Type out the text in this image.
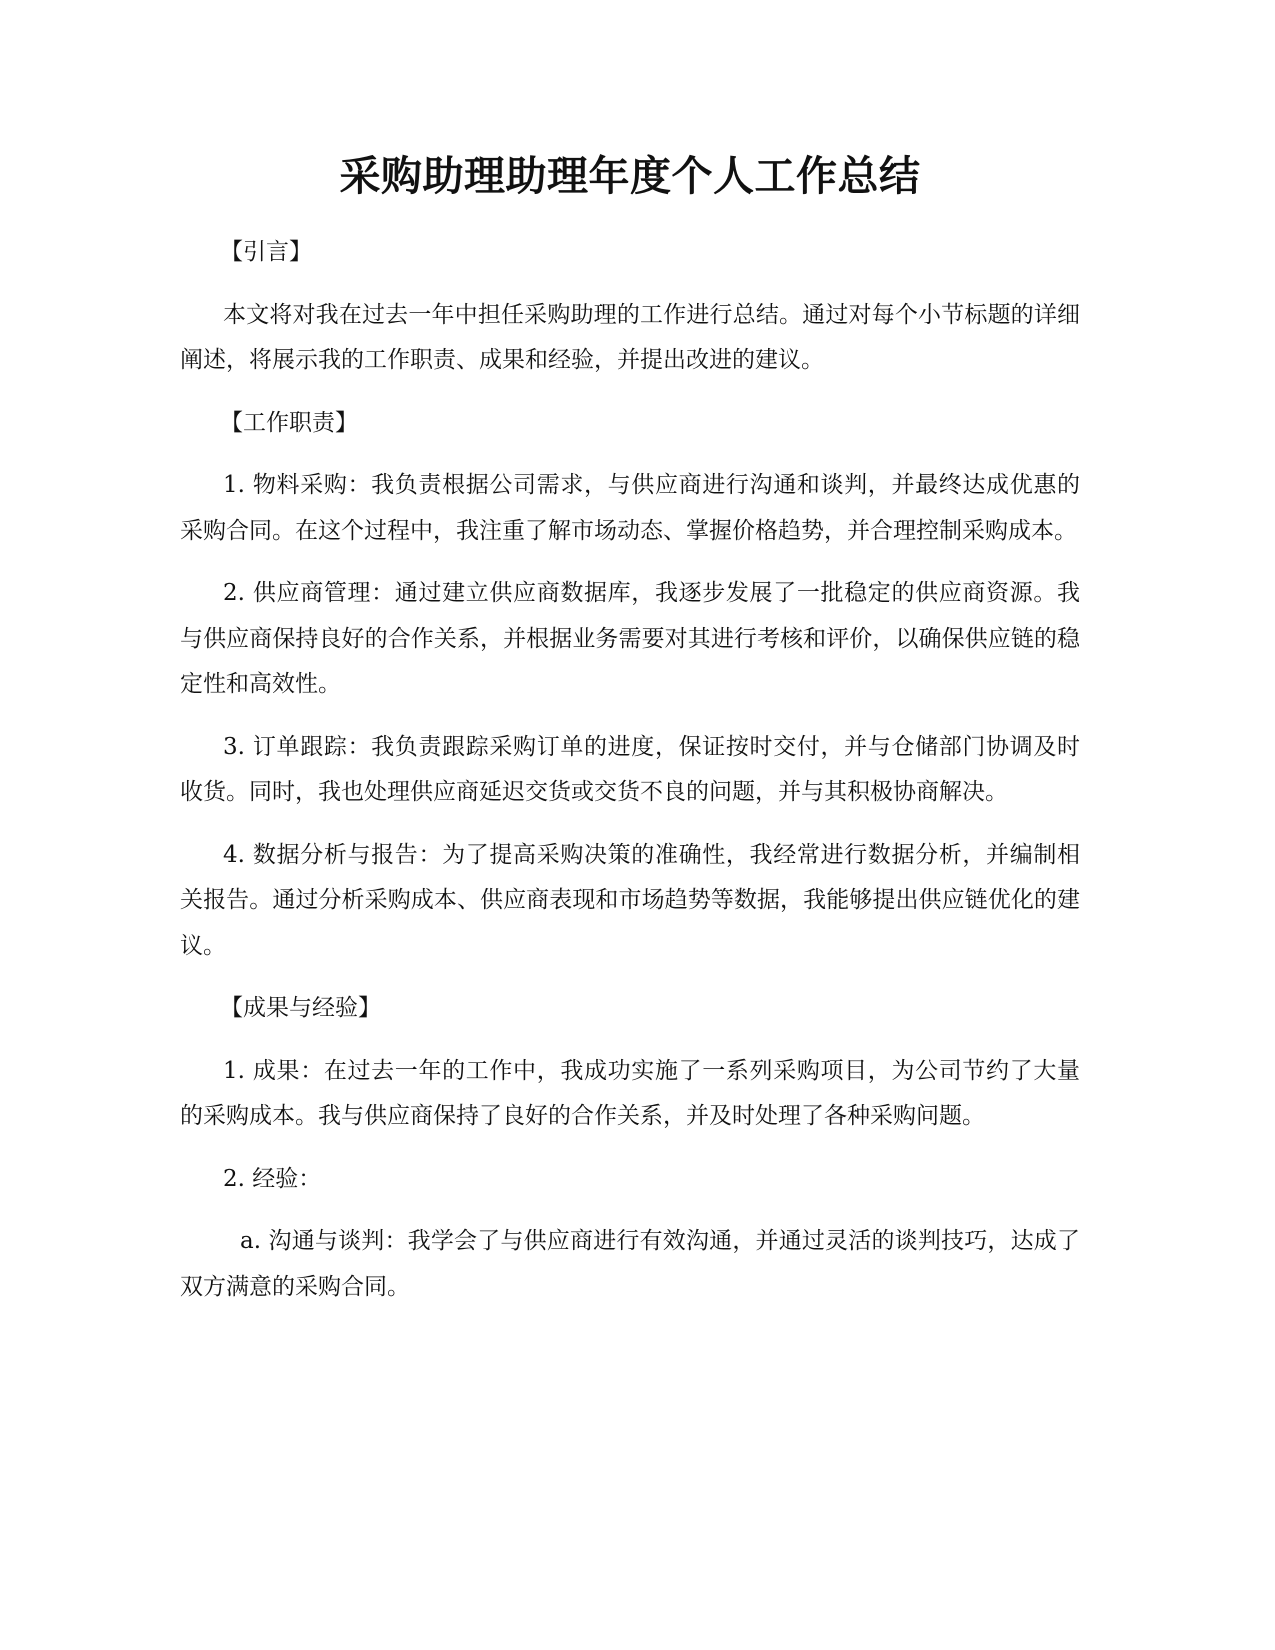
采购助理助理年度个人工作总结

【引言】

本文将对我在过去一年中担任采购助理的工作进行总结。通过对每个小节标题的详细阐述，将展示我的工作职责、成果和经验，并提出改进的建议。

【工作职责】

1. 物料采购：我负责根据公司需求，与供应商进行沟通和谈判，并最终达成优惠的采购合同。在这个过程中，我注重了解市场动态、掌握价格趋势，并合理控制采购成本。

2. 供应商管理：通过建立供应商数据库，我逐步发展了一批稳定的供应商资源。我与供应商保持良好的合作关系，并根据业务需要对其进行考核和评价，以确保供应链的稳定性和高效性。

3. 订单跟踪：我负责跟踪采购订单的进度，保证按时交付，并与仓储部门协调及时收货。同时，我也处理供应商延迟交货或交货不良的问题，并与其积极协商解决。

4. 数据分析与报告：为了提高采购决策的准确性，我经常进行数据分析，并编制相关报告。通过分析采购成本、供应商表现和市场趋势等数据，我能够提出供应链优化的建议。

【成果与经验】

1. 成果：在过去一年的工作中，我成功实施了一系列采购项目，为公司节约了大量的采购成本。我与供应商保持了良好的合作关系，并及时处理了各种采购问题。

2. 经验：

a. 沟通与谈判：我学会了与供应商进行有效沟通，并通过灵活的谈判技巧，达成了双方满意的采购合同。
